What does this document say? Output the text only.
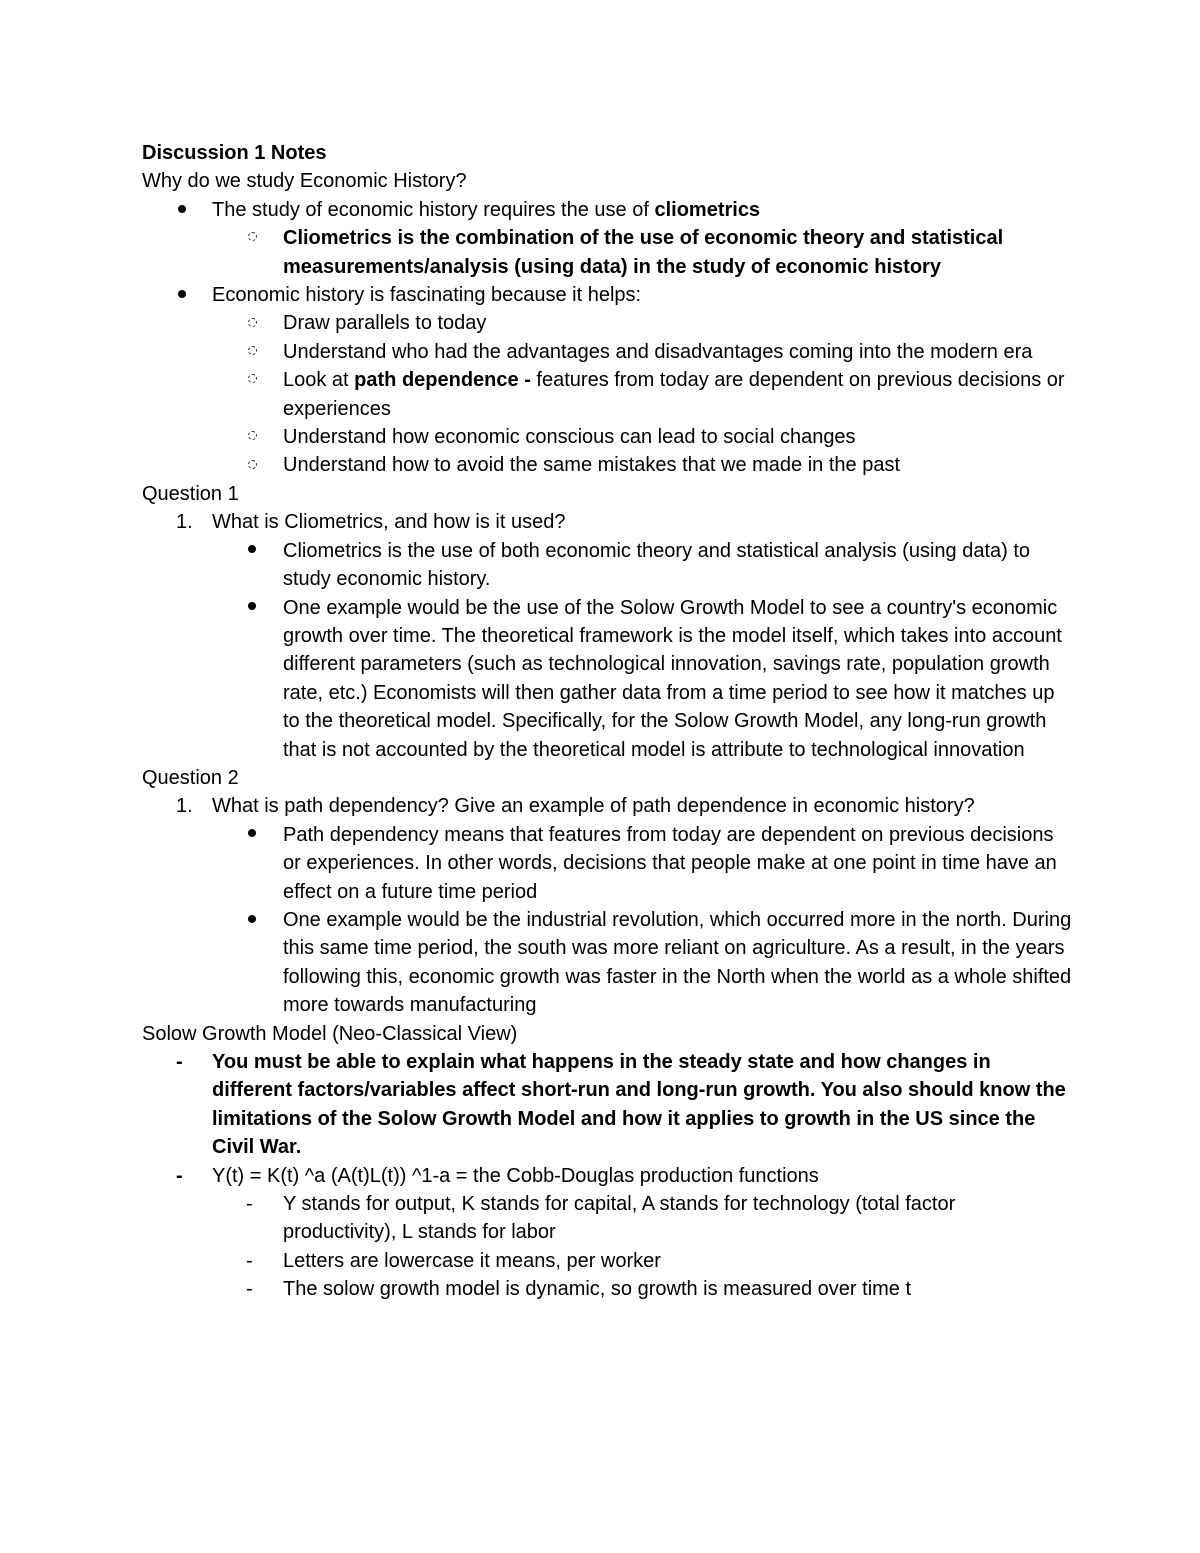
Discussion 1 Notes

Why do we study Economic History?

The study of economic history requires the use of cliometrics
Cliometrics is the combination of the use of economic theory and statistical measurements/analysis (using data) in the study of economic history
Economic history is fascinating because it helps:
Draw parallels to today
Understand who had the advantages and disadvantages coming into the modern era
Look at path dependence - features from today are dependent on previous decisions or experiences
Understand how economic conscious can lead to social changes
Understand how to avoid the same mistakes that we made in the past

Question 1

1. What is Cliometrics, and how is it used?
Cliometrics is the use of both economic theory and statistical analysis (using data) to study economic history.
One example would be the use of the Solow Growth Model to see a country's economic growth over time. The theoretical framework is the model itself, which takes into account different parameters (such as technological innovation, savings rate, population growth rate, etc.) Economists will then gather data from a time period to see how it matches up to the theoretical model. Specifically, for the Solow Growth Model, any long-run growth that is not accounted by the theoretical model is attribute to technological innovation

Question 2

1. What is path dependency? Give an example of path dependence in economic history?
Path dependency means that features from today are dependent on previous decisions or experiences. In other words, decisions that people make at one point in time have an effect on a future time period
One example would be the industrial revolution, which occurred more in the north. During this same time period, the south was more reliant on agriculture. As a result, in the years following this, economic growth was faster in the North when the world as a whole shifted more towards manufacturing

Solow Growth Model (Neo-Classical View)

-	You must be able to explain what happens in the steady state and how changes in different factors/variables affect short-run and long-run growth. You also should know the limitations of the Solow Growth Model and how it applies to growth in the US since the Civil War.
-	Y(t) = K(t) ^a (A(t)L(t)) ^1-a = the Cobb-Douglas production functions
-	Y stands for output, K stands for capital, A stands for technology (total factor productivity), L stands for labor
-	Letters are lowercase it means, per worker
-	The solow growth model is dynamic, so growth is measured over time t
